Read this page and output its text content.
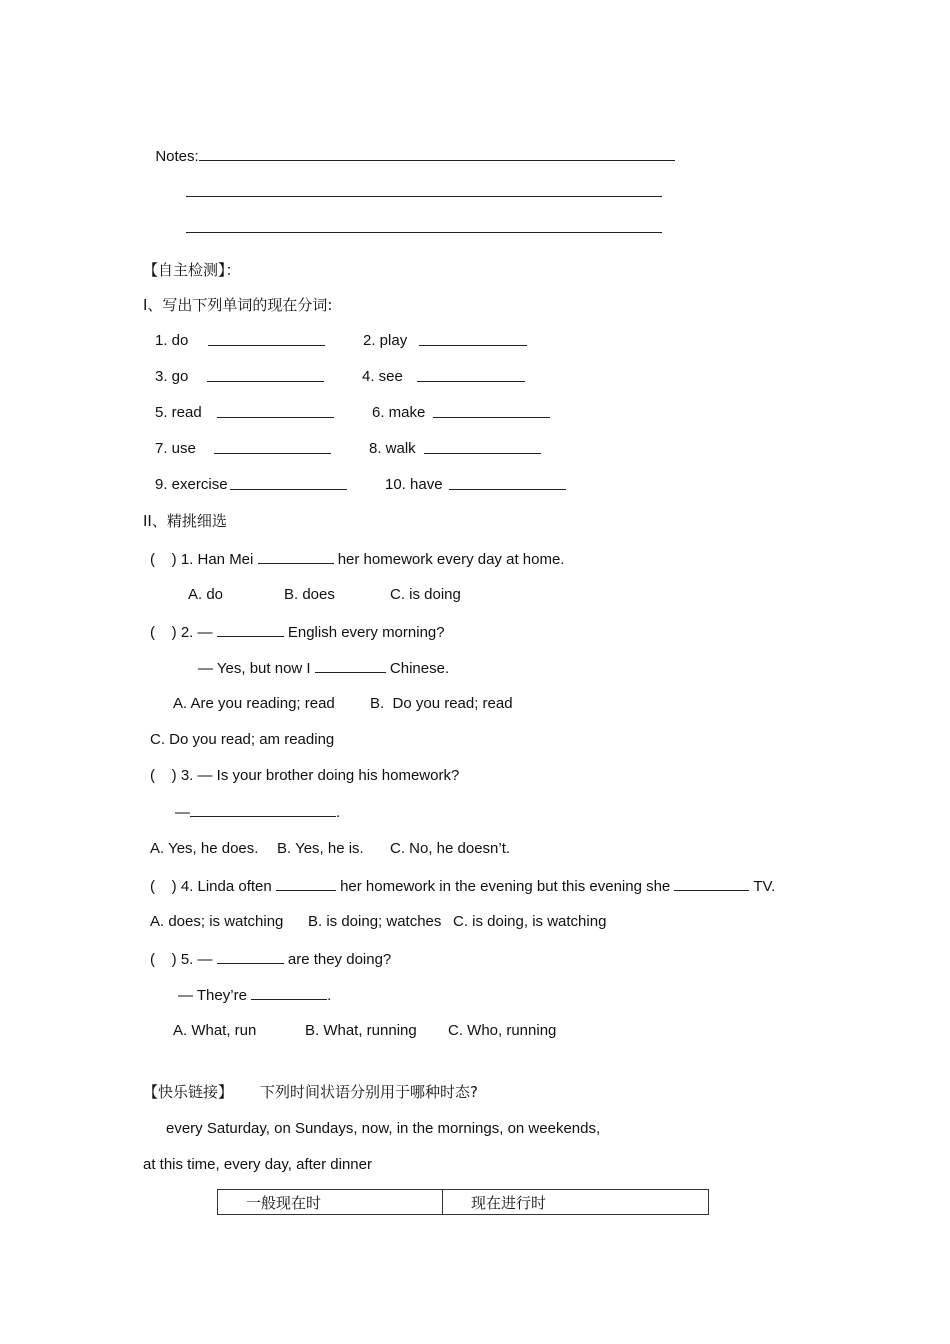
Notes:

【自主检测】：
I、写出下列单词的现在分词:
1. do	2. play
3. go	4. see
5. read	6. make
7. use	8. walk
9. exercise	10. have
II、精挑细选
(    ) 1. Han Mei	her homework every day at home.
A. do	B. does	C. is doing
(    ) 2. —	English every morning?
— Yes, but now I	Chinese.
A. Are you reading; read B.  Do you read; read
C. Do you read; am reading
(    ) 3. — Is your brother doing his homework?
—	.
A. Yes, he does. B. Yes, he is. C. No, he doesn’t.
(    ) 4. Linda often	her homework in the evening but this evening she	TV.
A. does; is watching B. is doing; watches C. is doing, is watching
(    ) 5. —	are they doing?
— They’re	.
A. What, run	B. What, running C. Who, running
【快乐链接】 下列时间状语分别用于哪种时态?
every Saturday, on Sundays, now, in the mornings, on weekends,
at this time, every day, after dinner
一般现在时	现在进行时
